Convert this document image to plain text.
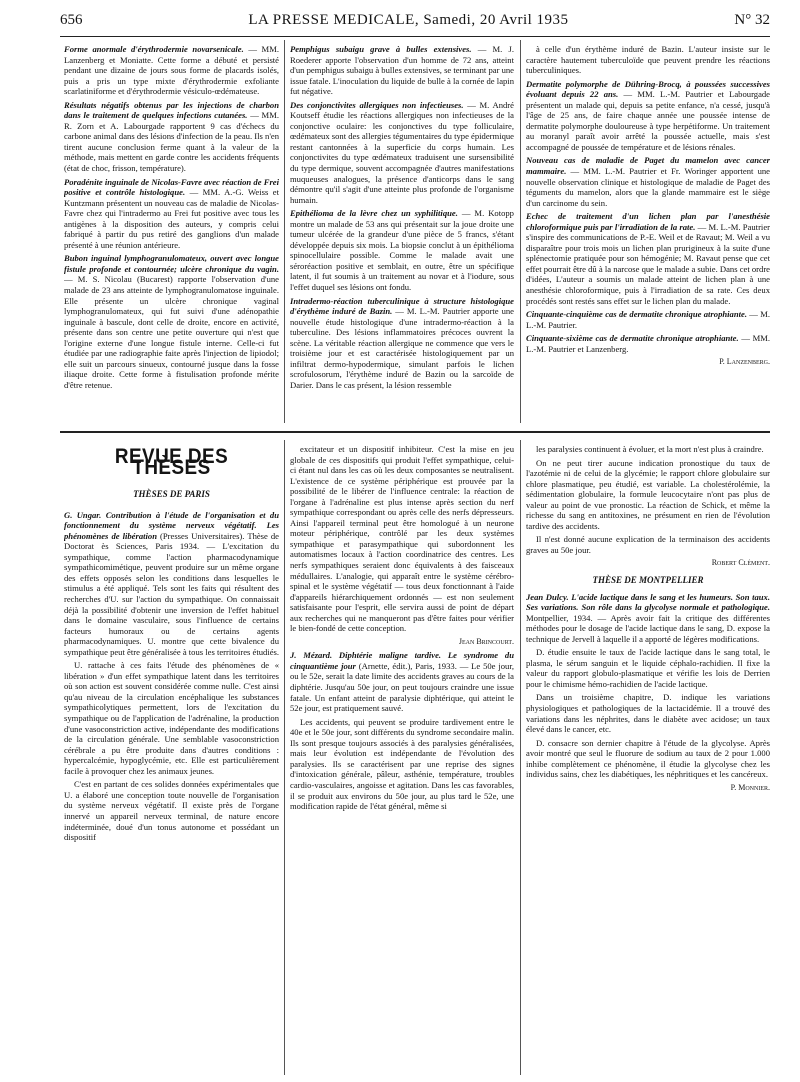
656	LA PRESSE MEDICALE, Samedi, 20 Avril 1935	N° 32

Forme anormale d'érythrodermie novarsenicale. — MM. Lanzenberg et Moniatte. Cette forme a débuté et persisté pendant une dizaine de jours sous forme de placards isolés, puis a pris un type mixte d'érythrodermie exfoliante scarlatiniforme et d'érythrodermie vésiculo-œdémateuse.

Résultats négatifs obtenus par les injections de charbon dans le traitement de quelques infections cutanées. — MM. R. Zorn et A. Labourgade rapportent 9 cas d'échecs du carbone animal dans des lésions d'infection de la peau. Ils n'en tirent aucune conclusion ferme quant à la valeur de la méthode, mais mettent en garde contre les accidents fréquents (état de choc, frisson, température).

Poradénite inguinale de Nicolas-Favre avec réaction de Frei positive et contrôle histologique. — MM. A.-G. Weiss et Kuntzmann présentent un nouveau cas de maladie de Nicolas-Favre chez qui l'intradermo au Frei fut positive avec tous les antigènes à la disposition des auteurs, y compris celui fabriqué à partir du pus retiré des ganglions d'un malade présenté à une réunion antérieure.

Bubon inguinal lymphogranulomateux, ouvert avec longue fistule profonde et contournée; ulcère chronique du vagin. — M. S. Nicolau (Bucarest) rapporte l'observation d'une malade de 23 ans atteinte de lymphogranulomatose inguinale. Elle présente un ulcère chronique vaginal lymphogranulomateux, qui fut suivi d'une adénopathie inguinale à bascule, dont celle de droite, encore en activité, présente dans son centre une petite ouverture qui n'est que l'origine externe d'une longue fistule interne. Celle-ci fut étudiée par une radiographie faite après l'injection de lipiodol; elle suit un parcours sinueux, contourné jusque dans la fosse iliaque droite. Cette forme à fistulisation profonde mérite d'être retenue.

Pemphigus subaigu grave à bulles extensives. — M. J. Roederer apporte l'observation d'un homme de 72 ans, atteint d'un pemphigus subaigu à bulles extensives, se terminant par une issue fatale. L'inoculation du liquide de bulle à la cornée de lapin fut négative.

Des conjonctivites allergiques non infectieuses. — M. André Koutseff étudie les réactions allergiques non infectieuses de la conjonctive oculaire: les conjonctives du type folliculaire, œdémateux sont des allergies tégumentaires du type épidermique restant cantonnées à la superficie du corps humain. Les conjonctivites du type œdémateux traduisent une sursensibilité du type dermique, souvent accompagnée d'autres manifestations muqueuses analogues, la présence d'anticorps dans le sang démontre qu'il s'agit d'une atteinte plus profonde de l'organisme humain.

Epithélioma de la lèvre chez un syphilitique. — M. Kotopp montre un malade de 53 ans qui présentait sur la joue droite une tumeur ulcérée de la grandeur d'une pièce de 5 francs, s'étant développée depuis six mois. La biopsie conclut à un épithélioma spinocellulaire possible. Comme le malade avait une séroréaction positive et semblait, en outre, être un spécifique latent, il fut soumis à un traitement au novar et à l'iodure, sous l'effet duquel ses lésions ont fondu.

Intradermo-réaction tuberculinique à structure histologique d'érythème induré de Bazin. — M. L.-M. Pautrier apporte une nouvelle étude histologique d'une intradermo-réaction à la tuberculine. Des lésions inflammatoires précoces ouvrent la scène. La véritable réaction allergique ne commence que vers le troisième jour et est caractérisée histologiquement par un infiltrat dermo-hypodermique, simulant parfois le lichen scrofulosorum, l'érythème induré de Bazin ou la sarcoïde de Darier. Dans le cas présent, la lésion ressemble

à celle d'un érythème induré de Bazin. L'auteur insiste sur le caractère hautement tuberculoïde que peuvent prendre les réactions tuberculiniques.

Dermatite polymorphe de Dühring-Brocq, à poussées successives évoluant depuis 22 ans. — MM. L.-M. Pautrier et Labourgade présentent un malade qui, depuis sa petite enfance, n'a cessé, jusqu'à l'âge de 25 ans, de faire chaque année une poussée intense de dermatite polymorphe douloureuse à type herpétiforme. Un traitement au moranyl paraît avoir arrêté la poussée actuelle, mais s'est accompagné de poussée de température et de lésions rénales.

Nouveau cas de maladie de Paget du mamelon avec cancer mammaire. — MM. L.-M. Pautrier et Fr. Woringer apportent une nouvelle observation clinique et histologique de maladie de Paget des téguments du mamelon, alors que la glande mammaire est le siège d'un carcinome du sein.

Echec de traitement d'un lichen plan par l'anesthésie chloroformique puis par l'irradiation de la rate. — M. L.-M. Pautrier s'inspire des communications de P.-E. Weil et de Ravaut; M. Weil a vu disparaître pour trois mois un lichen plan prurigineux à la suite d'une splénectomie pratiquée pour son hémogénie; M. Ravaut pense que cet effet pourrait être dû à la narcose que le malade a subie. Dans cet ordre d'idées, L'auteur a soumis un malade atteint de lichen plan à une anesthésie chloroformique, puis à l'irradiation de sa rate. Ces deux procédés sont restés sans effet sur le lichen plan du malade.

Cinquante-cinquième cas de dermatite chronique atrophiante. — M. L.-M. Pautrier.

Cinquante-sixième cas de dermatite chronique atrophiante. — MM. L.-M. Pautrier et Lanzenberg.

P. Lanzenberg.

REVUE DES THÈSES
THÈSES DE PARIS

G. Ungar. Contribution à l'étude de l'organisation et du fonctionnement du système nerveux végétatif. Les phénomènes de libération (Presses Universitaires). Thèse de Doctorat ès Sciences, Paris 1934. — L'excitation du sympathique, comme l'action pharmacodynamique sympathicomimétique, peuvent produire sur un même organe des effets opposés selon les conditions dans lesquelles le stimulus a été appliqué. Tels sont les faits qui résultent des recherches d'U. sur l'action du sympathique. On connaissait déjà la possibilité d'obtenir une inversion de l'effet habituel dans le domaine vasculaire, sous l'influence de certains facteurs humoraux ou de certains agents pharmacodynamiques. U. montre que cette bivalence du sympathique peut être généralisée à tous les territoires étudiés.

U. rattache à ces faits l'étude des phénomènes de « libération » d'un effet sympathique latent dans les territoires où son action est souvent considérée comme nulle. C'est ainsi qu'au niveau de la circulation encéphalique les substances sympathicolytiques permettent, lors de l'excitation du sympathique ou de l'application de l'adrénaline, la production d'une vasoconstriction active, indépendante des modifications de la circulation générale. Une semblable vasoconstriction cérébrale a pu être produite dans d'autres conditions : hypercalcémie, hypoglycémie, etc. Elle est particulièrement facile à provoquer chez les animaux jeunes.

C'est en partant de ces solides données expérimentales que U. a élaboré une conception toute nouvelle de l'organisation du système nerveux végétatif. Il existe près de l'organe innervé un appareil nerveux terminal, de nature encore indéterminée, doué d'un tonus autonome et possédant un dispositif

excitateur et un dispositif inhibiteur. C'est la mise en jeu globale de ces dispositifs qui produit l'effet sympathique, celui-ci étant nul dans les cas où les deux composantes se neutralisent. L'existence de ce système périphérique est prouvée par la possibilité de le libérer de l'influence centrale: la réaction de l'organe à l'adrénaline est plus intense après section du nerf sympathique correspondant ou après celle des nerfs dépresseurs. Ainsi l'appareil terminal peut être homologué à un neurone moteur périphérique, contrôlé par les deux systèmes sympathique et parasympathique qui subordonnent les automatismes locaux à l'action coordinatrice des centres. Les nerfs sympathiques seraient donc équivalents à des faisceaux médullaires. L'analogie, qui apparaît entre le système cérébro-spinal et le système végétatif — tous deux fonctionnant à l'aide d'appareils hiérarchiquement ordonnés — est non seulement satisfaisante pour l'esprit, elle servira aussi de point de départ aux recherches qui ne manqueront pas d'être faites pour vérifier le bien-fondé de cette conception.

Jean Brincourt.

J. Mézard. Diphtérie maligne tardive. Le syndrome du cinquantième jour (Arnette, édit.), Paris, 1933. — Le 50e jour, ou le 52e, serait la date limite des accidents graves au cours de la diphtérie. Jusqu'au 50e jour, on peut toujours craindre une issue fatale. Un enfant atteint de paralysie diphtérique, qui atteint le 52e jour, est pratiquement sauvé.

Les accidents, qui peuvent se produire tardivement entre le 40e et le 50e jour, sont différents du syndrome secondaire malin. Ils sont presque toujours associés à des paralysies généralisées, mais leur évolution est indépendante de l'évolution des paralysies. Ils se caractérisent par une reprise des signes d'intoxication générale, pâleur, asthénie, température, troubles cardio-vasculaires, angoisse et agitation. Dans les cas favorables, il se produit aux environs du 50e jour, au plus tard le 52e, une modification rapide de l'état général, même si

les paralysies continuent à évoluer, et la mort n'est plus à craindre.

On ne peut tirer aucune indication pronostique du taux de l'azotémie ni de celui de la glycémie; le rapport chlore globulaire sur chlore plasmatique, peu étudié, est variable. La cholestérolémie, la sédimentation globulaire, la formule leucocytaire n'ont pas plus de valeur au point de vue pronostic. La réaction de Schick, et même la richesse du sang en antitoxines, ne présument en rien de l'évolution tardive des accidents.

Il n'est donné aucune explication de la terminaison des accidents graves au 50e jour.

Robert Clément.

THÈSE DE MONTPELLIER

Jean Dulcy. L'acide lactique dans le sang et les humeurs. Son taux. Ses variations. Son rôle dans la glycolyse normale et pathologique. Montpellier, 1934. — Après avoir fait la critique des différentes méthodes pour le dosage de l'acide lactique dans le sang, D. expose la technique de Jervell à laquelle il a apporté de légères modifications.

D. étudie ensuite le taux de l'acide lactique dans le sang total, le plasma, le sérum sanguin et le liquide céphalo-rachidien. Il fixe la valeur du rapport globulo-plasmatique et vérifie les lois de Derrien pour le chimisme hémo-rachidien de l'acide lactique.

Dans un troisième chapitre, D. indique les variations physiologiques et pathologiques de la lactacidémie. Il a trouvé des variations dans les néphrites, dans le diabète avec acidose; un taux élevé dans le cancer, etc.

D. consacre son dernier chapitre à l'étude de la glycolyse. Après avoir montré que seul le fluorure de sodium au taux de 2 pour 1.000 inhibe complètement ce phénomène, il étudie la glycolyse chez les individus sains, chez les diabétiques, les néphritiques et les cancéreux.

P. Monnier.
